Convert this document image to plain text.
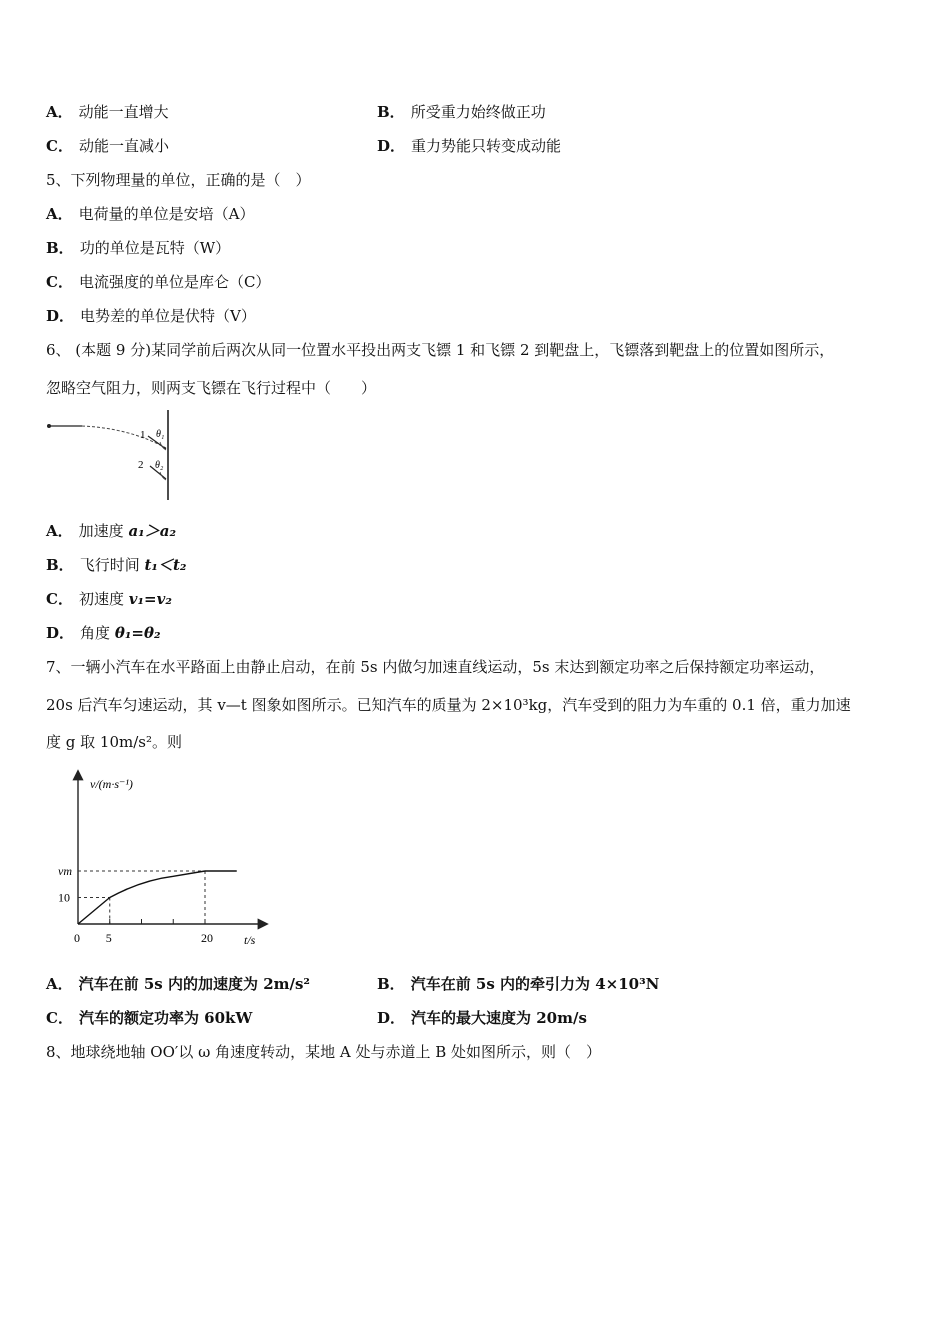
A． 动能一直增大	B． 所受重力始终做正功
C． 动能一直减小	D． 重力势能只转变成动能
5、下列物理量的单位，正确的是（　）
A． 电荷量的单位是安培（A）
B． 功的单位是瓦特（W）
C． 电流强度的单位是库仑（C）
D． 电势差的单位是伏特（V）
6、 (本题 9 分)某同学前后两次从同一位置水平投出两支飞镖 1 和飞镖 2 到靶盘上，飞镖落到靶盘上的位置如图所示，
忽略空气阻力，则两支飞镖在飞行过程中（　　）
1 θ₁
2 θ₂
A． 加速度 a₁＞a₂
B． 飞行时间 t₁＜t₂
C． 初速度 v₁=v₂
D． 角度 θ₁=θ₂
7、一辆小汽车在水平路面上由静止启动，在前 5s 内做匀加速直线运动，5s 末达到额定功率之后保持额定功率运动，
20s 后汽车匀速运动，其 v—t 图象如图所示。已知汽车的质量为 2×10³kg，汽车受到的阻力为车重的 0.1 倍，重力加速
度 g 取 10m/s²。则
v/(m·s⁻¹)
t/s
0 5	20
10
vm
A． 汽车在前 5s 内的加速度为 2m/s²	B． 汽车在前 5s 内的牵引力为 4×10³N
C． 汽车的额定功率为 60kW	D． 汽车的最大速度为 20m/s
8、地球绕地轴 OO′以 ω 角速度转动，某地 A 处与赤道上 B 处如图所示，则（　）
